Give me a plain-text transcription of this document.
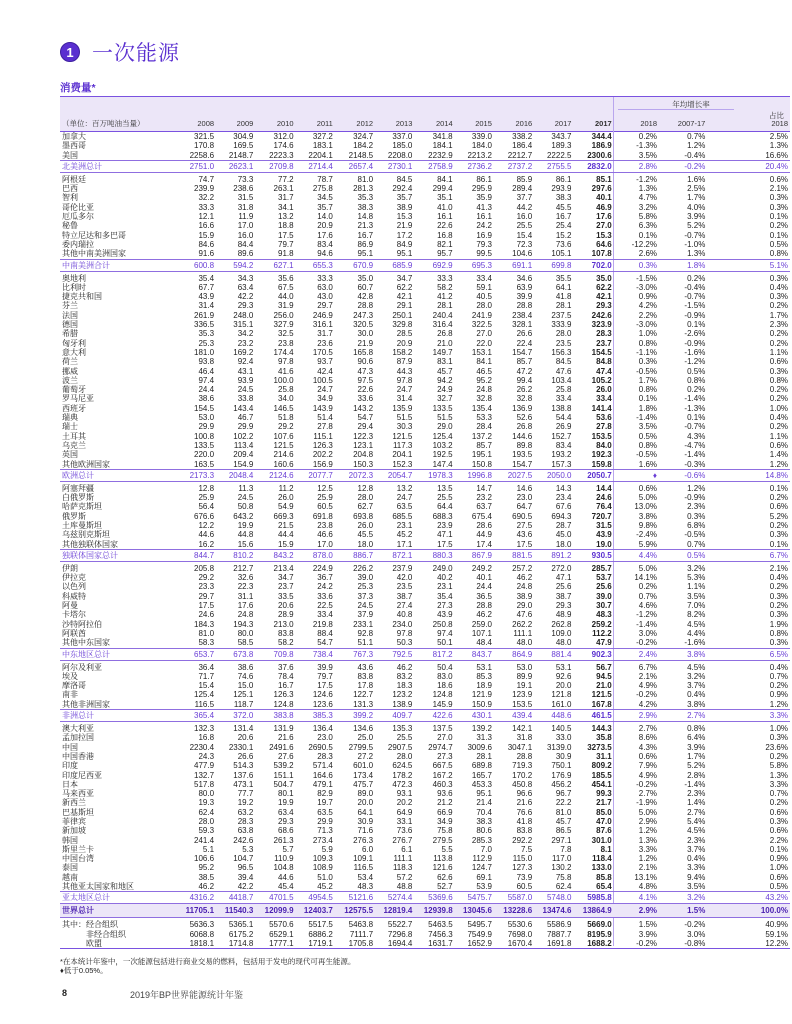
1 一次能源
消费量*
年均增长率
占比
（单位：百万吨油当量）	2008	2009	2010	2011	2012	2013	2014	2015	2016	2017	2017	2018	2007-17	2018
加拿大	321.5	304.9	312.0	327.2	324.7	337.0	341.8	339.0	338.2	343.7	344.4	0.2%	0.7%	2.5%
墨西哥	170.8	169.5	174.6	183.1	184.2	185.0	184.1	184.0	186.4	189.3	186.9	-1.3%	1.2%	1.3%
美国	2258.6	2148.7	2223.3	2204.1	2148.5	2208.0	2232.9	2213.2	2212.7	2222.5	2300.6	3.5%	-0.4%	16.6%
北美洲总计	2751.0	2623.1	2709.8	2714.4	2657.4	2730.1	2758.9	2736.2	2737.2	2755.5	2832.0	2.8%	-0.2%	20.4%
阿根廷	74.7	73.3	77.2	78.7	81.0	84.5	84.1	86.1	85.9	86.1	85.1	-1.2%	1.6%	0.6%
巴西	239.9	238.6	263.1	275.8	281.3	292.4	299.4	295.9	289.4	293.9	297.6	1.3%	2.5%	2.1%
智利	32.2	31.5	31.7	34.5	35.3	35.7	35.1	35.9	37.7	38.3	40.1	4.7%	1.7%	0.3%
哥伦比亚	33.3	31.8	34.1	35.7	38.3	38.9	41.0	41.3	44.2	45.5	46.9	3.2%	4.0%	0.3%
厄瓜多尔	12.1	11.9	13.2	14.0	14.8	15.3	16.1	16.1	16.0	16.7	17.6	5.8%	3.9%	0.1%
秘鲁	16.6	17.0	18.8	20.9	21.3	21.9	22.6	24.2	25.5	25.4	27.0	6.3%	5.2%	0.2%
特立尼达和多巴哥	15.9	16.0	17.5	17.6	16.7	17.2	16.8	16.9	15.4	15.2	15.3	0.1%	-0.7%	0.1%
委内瑞拉	84.6	84.4	79.7	83.4	86.9	84.9	82.1	79.3	72.3	73.6	64.6	-12.2%	-1.0%	0.5%
其他中南美洲国家	91.6	89.6	91.8	94.6	95.1	95.1	95.7	99.5	104.6	105.1	107.8	2.6%	1.3%	0.8%
中南美洲合计	600.8	594.2	627.1	655.3	670.9	685.9	692.9	695.3	691.1	699.8	702.0	0.3%	1.8%	5.1%
奥地利	35.4	34.3	35.6	33.3	35.0	34.7	33.3	33.4	34.6	35.5	35.0	-1.5%	0.2%	0.3%
比利时	67.7	63.4	67.5	63.0	60.7	62.2	58.2	59.1	63.9	64.1	62.2	-3.0%	-0.4%	0.4%
捷克共和国	43.9	42.2	44.0	43.0	42.8	42.1	41.2	40.5	39.9	41.8	42.1	0.9%	-0.7%	0.3%
芬兰	31.4	29.3	31.9	29.7	28.8	29.1	28.1	28.0	28.8	28.1	29.3	4.2%	-1.5%	0.2%
法国	261.9	248.0	256.0	246.9	247.3	250.1	240.4	241.9	238.4	237.5	242.6	2.2%	-0.9%	1.7%
德国	336.5	315.1	327.9	316.1	320.5	329.8	316.4	322.5	328.1	333.9	323.9	-3.0%	0.1%	2.3%
希腊	35.3	34.2	32.5	31.7	30.0	28.5	26.8	27.0	26.6	28.0	28.3	1.0%	-2.6%	0.2%
匈牙利	25.3	23.2	23.8	23.6	21.9	20.9	21.0	22.0	22.4	23.5	23.7	0.8%	-0.9%	0.2%
意大利	181.0	169.2	174.4	170.5	165.8	158.2	149.7	153.1	154.7	156.3	154.5	-1.1%	-1.6%	1.1%
荷兰	93.8	92.4	97.8	93.7	90.6	87.9	83.1	84.1	85.7	84.5	84.8	0.3%	-1.2%	0.6%
挪威	46.4	43.1	41.6	42.4	47.3	44.3	45.7	46.5	47.2	47.6	47.4	-0.5%	0.5%	0.3%
波兰	97.4	93.9	100.0	100.5	97.5	97.8	94.2	95.2	99.4	103.4	105.2	1.7%	0.8%	0.8%
葡萄牙	24.4	24.5	25.8	24.7	22.6	24.7	24.9	24.8	26.2	25.8	26.0	0.8%	0.2%	0.2%
罗马尼亚	38.6	33.8	34.0	34.9	33.6	31.4	32.7	32.8	32.8	33.4	33.4	0.1%	-1.4%	0.2%
西班牙	154.5	143.4	146.5	143.9	143.2	135.9	133.5	135.4	136.9	138.8	141.4	1.8%	-1.3%	1.0%
瑞典	53.0	46.7	51.8	51.4	54.7	51.5	51.5	53.3	52.6	54.4	53.6	-1.4%	0.1%	0.4%
瑞士	29.9	29.9	29.2	27.8	29.4	30.3	29.0	28.4	26.8	26.9	27.8	3.5%	-0.7%	0.2%
土耳其	100.8	102.2	107.6	115.1	122.3	121.5	125.4	137.2	144.6	152.7	153.5	0.5%	4.3%	1.1%
乌克兰	133.5	113.4	121.5	126.3	123.1	117.3	103.2	85.7	89.8	83.4	84.0	0.8%	-4.7%	0.6%
英国	220.0	209.4	214.6	202.2	204.8	204.1	192.5	195.1	193.5	193.2	192.3	-0.5%	-1.4%	1.4%
其他欧洲国家	163.5	154.9	160.6	156.9	150.3	152.3	147.4	150.8	154.7	157.3	159.8	1.6%	-0.3%	1.2%
欧洲总计	2173.3	2048.4	2124.6	2077.7	2072.3	2054.7	1978.3	1996.8	2027.5	2050.0	2050.7	♦	-0.6%	14.8%
阿塞拜疆	12.8	11.3	11.2	12.5	12.8	13.2	13.5	14.7	14.6	14.3	14.4	0.6%	1.2%	0.1%
白俄罗斯	25.9	24.5	26.0	25.9	28.0	24.7	25.5	23.2	23.0	23.4	24.6	5.0%	-0.9%	0.2%
哈萨克斯坦	56.4	50.8	54.9	60.5	62.7	63.5	64.4	63.7	64.7	67.6	76.4	13.0%	2.3%	0.6%
俄罗斯	676.6	643.2	669.3	691.8	693.8	685.5	688.3	675.4	690.5	694.3	720.7	3.8%	0.3%	5.2%
土库曼斯坦	12.2	19.9	21.5	23.8	26.0	23.1	23.9	28.6	27.5	28.7	31.5	9.8%	6.8%	0.2%
乌兹别克斯坦	44.6	44.8	44.4	46.6	45.5	45.2	47.1	44.9	43.6	45.0	43.9	-2.4%	-0.5%	0.3%
其他独联体国家	16.2	15.6	15.9	17.0	18.0	17.1	17.5	17.4	17.5	18.0	19.0	5.9%	0.7%	0.1%
独联体国家总计	844.7	810.2	843.2	878.0	886.7	872.1	880.3	867.9	881.5	891.2	930.5	4.4%	0.5%	6.7%
伊朗	205.8	212.7	213.4	224.9	226.2	237.9	249.0	249.2	257.2	272.0	285.7	5.0%	3.2%	2.1%
伊拉克	29.2	32.6	34.7	36.7	39.0	42.0	40.2	40.1	46.2	47.1	53.7	14.1%	5.3%	0.4%
以色列	23.3	22.3	23.7	24.2	25.3	23.5	23.1	24.4	24.8	25.6	25.6	0.2%	1.1%	0.2%
科威特	29.7	31.1	33.5	33.6	37.3	38.7	35.4	36.5	38.9	38.7	39.0	0.7%	3.5%	0.3%
阿曼	17.5	17.6	20.6	22.5	24.5	27.4	27.3	28.8	29.0	29.3	30.7	4.6%	7.0%	0.2%
卡塔尔	24.6	24.8	28.9	33.4	37.9	40.8	43.9	46.2	47.6	48.9	48.3	-1.2%	8.2%	0.3%
沙特阿拉伯	184.3	194.3	213.0	219.8	233.1	234.0	250.8	259.0	262.2	262.8	259.2	-1.4%	4.5%	1.9%
阿联酋	81.0	80.0	83.8	88.4	92.8	97.8	97.4	107.1	111.1	109.0	112.2	3.0%	4.4%	0.8%
其他中东国家	58.3	58.5	58.2	54.7	51.1	50.3	50.1	48.4	48.0	48.0	47.9	-0.2%	-1.6%	0.3%
中东地区总计	653.7	673.8	709.8	738.4	767.3	792.5	817.2	843.7	864.9	881.4	902.3	2.4%	3.8%	6.5%
阿尔及利亚	36.4	38.6	37.6	39.9	43.6	46.2	50.4	53.1	53.0	53.1	56.7	6.7%	4.5%	0.4%
埃及	71.7	74.6	78.4	79.7	83.8	83.2	83.0	85.3	89.9	92.6	94.5	2.1%	3.2%	0.7%
摩洛哥	15.4	15.0	16.7	17.5	17.8	18.3	18.6	18.9	19.1	20.0	21.0	4.9%	3.7%	0.2%
南非	125.4	125.1	126.3	124.6	122.7	123.2	124.8	121.9	123.9	121.8	121.5	-0.2%	0.4%	0.9%
其他非洲国家	116.5	118.7	124.8	123.6	131.3	138.9	145.9	150.9	153.5	161.0	167.8	4.2%	3.8%	1.2%
非洲总计	365.4	372.0	383.8	385.3	399.2	409.7	422.6	430.1	439.4	448.6	461.5	2.9%	2.7%	3.3%
澳大利亚	132.3	131.4	131.9	136.4	134.6	135.3	137.5	139.2	142.1	140.5	144.3	2.7%	0.8%	1.0%
孟加拉国	16.8	20.6	21.6	23.0	25.0	25.5	27.0	31.3	31.8	33.0	35.8	8.6%	6.4%	0.3%
中国	2230.4	2330.1	2491.6	2690.5	2799.5	2907.5	2974.7	3009.6	3047.1	3139.0	3273.5	4.3%	3.9%	23.6%
中国香港	24.3	26.6	27.6	28.3	27.2	28.0	27.3	28.1	28.8	30.9	31.1	0.6%	1.7%	0.2%
印度	477.9	514.3	539.2	571.4	601.0	624.5	667.5	689.8	719.3	750.1	809.2	7.9%	5.2%	5.8%
印度尼西亚	132.7	137.6	151.1	164.6	173.4	178.2	167.2	165.7	170.2	176.9	185.5	4.9%	2.8%	1.3%
日本	517.8	473.1	504.7	479.1	475.7	472.3	460.3	453.3	450.8	456.2	454.1	-0.2%	-1.4%	3.3%
马来西亚	80.0	77.7	80.1	82.9	89.0	93.1	93.6	95.1	96.6	96.7	99.3	2.7%	2.3%	0.7%
新西兰	19.3	19.2	19.9	19.7	20.0	20.2	21.2	21.4	21.6	22.2	21.7	-1.9%	1.4%	0.2%
巴基斯坦	62.4	63.2	63.4	63.5	64.1	64.9	66.9	70.4	76.6	81.0	85.0	5.0%	2.7%	0.6%
菲律宾	28.0	28.3	29.3	29.9	30.9	33.1	34.9	38.3	41.8	45.7	47.0	2.9%	5.4%	0.3%
新加坡	59.3	63.8	68.6	71.3	71.6	73.6	75.8	80.6	83.8	86.5	87.6	1.2%	4.5%	0.6%
韩国	241.4	242.6	261.3	273.4	276.3	276.7	279.5	285.3	292.2	297.1	301.0	1.3%	2.3%	2.2%
斯里兰卡	5.1	5.3	5.7	5.9	6.0	6.1	5.5	7.0	7.5	7.8	8.1	3.3%	3.7%	0.1%
中国台湾	106.6	104.7	110.9	109.3	109.1	111.1	113.8	112.9	115.0	117.0	118.4	1.2%	0.4%	0.9%
泰国	95.2	96.5	104.8	108.9	116.5	118.3	121.6	124.7	127.3	130.2	133.0	2.1%	3.3%	1.0%
越南	38.5	39.4	44.6	51.0	53.4	57.2	62.6	69.1	73.9	75.8	85.8	13.1%	9.4%	0.6%
其他亚太国家和地区	46.2	42.2	45.4	45.2	48.3	48.8	52.7	53.9	60.5	62.4	65.4	4.8%	3.5%	0.5%
亚太地区总计	4316.2	4418.7	4701.5	4954.5	5121.6	5274.4	5369.6	5475.7	5587.0	5748.0	5985.8	4.1%	3.2%	43.2%
世界总计	11705.1	11540.3	12099.9	12403.7	12575.5	12819.4	12939.8	13045.6	13228.6	13474.6	13864.9	2.9%	1.5%	100.0%
其中：经合组织	5636.3	5365.1	5570.6	5517.5	5463.8	5522.7	5463.5	5495.7	5530.6	5586.9	5669.0	1.5%	-0.2%	40.9%
非经合组织	6068.8	6175.2	6529.1	6886.2	7111.7	7296.8	7456.3	7549.9	7698.0	7887.7	8195.9	3.9%	3.0%	59.1%
欧盟	1818.1	1714.8	1777.1	1719.1	1705.8	1694.4	1631.7	1652.9	1670.4	1691.8	1688.2	-0.2%	-0.8%	12.2%
*在本统计年鉴中，一次能源包括进行商业交易的燃料，包括用于发电的现代可再生能源。
♦低于0.05%。
8	2019年BP世界能源统计年鉴
